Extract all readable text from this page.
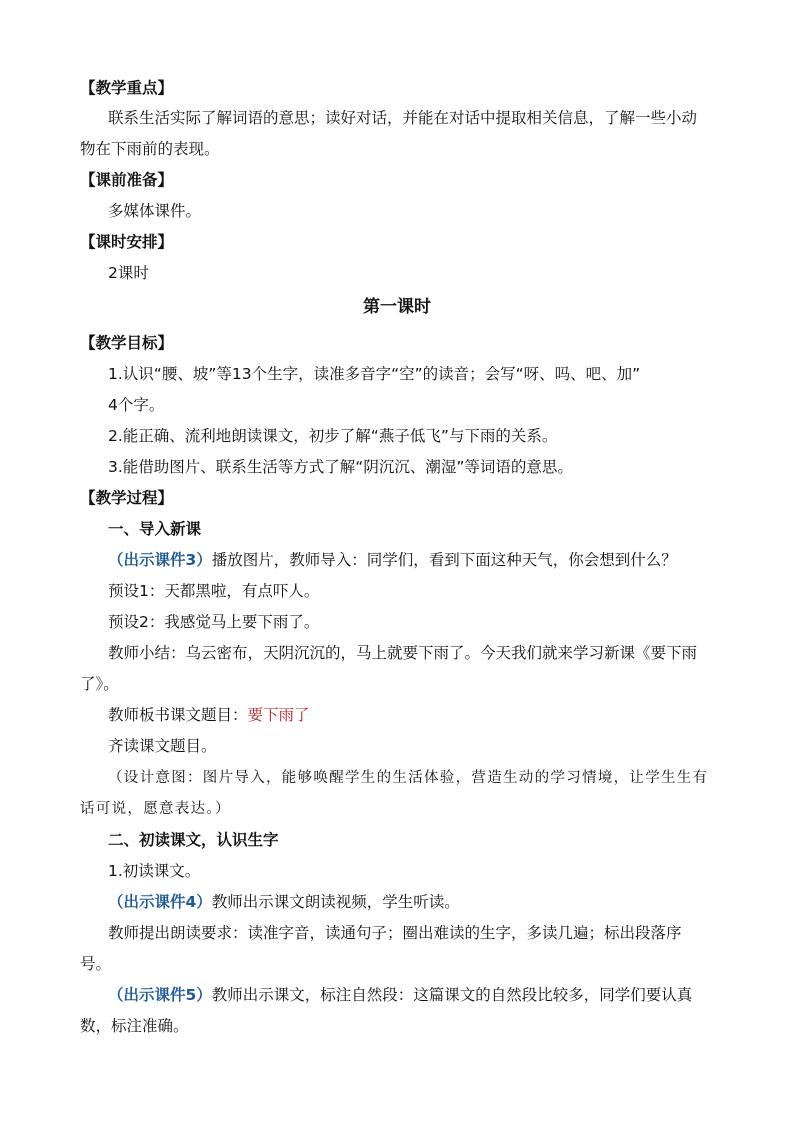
【教学重点】
联系生活实际了解词语的意思；读好对话，并能在对话中提取相关信息，了解一些小动
物在下雨前的表现。
【课前准备】
多媒体课件。
【课时安排】
2课时
第一课时
【教学目标】
1.认识“腰、坡”等13个生字，读准多音字“空”的读音；会写“呀、吗、吧、加”
4个字。
2.能正确、流利地朗读课文，初步了解“燕子低飞”与下雨的关系。
3.能借助图片、联系生活等方式了解“阴沉沉、潮湿”等词语的意思。
【教学过程】
一、导入新课
（出示课件3）播放图片，教师导入：同学们，看到下面这种天气，你会想到什么？
预设1：天都黑啦，有点吓人。
预设2：我感觉马上要下雨了。
教师小结：乌云密布，天阴沉沉的，马上就要下雨了。今天我们就来学习新课《要下雨
了》。
教师板书课文题目：要下雨了
齐读课文题目。
（设计意图：图片导入，能够唤醒学生的生活体验，营造生动的学习情境，让学生生有
话可说，愿意表达。）
二、初读课文，认识生字
1.初读课文。
（出示课件4）教师出示课文朗读视频，学生听读。
教师提出朗读要求：读准字音，读通句子；圈出难读的生字，多读几遍；标出段落序
号。
（出示课件5）教师出示课文，标注自然段：这篇课文的自然段比较多，同学们要认真
数，标注准确。
